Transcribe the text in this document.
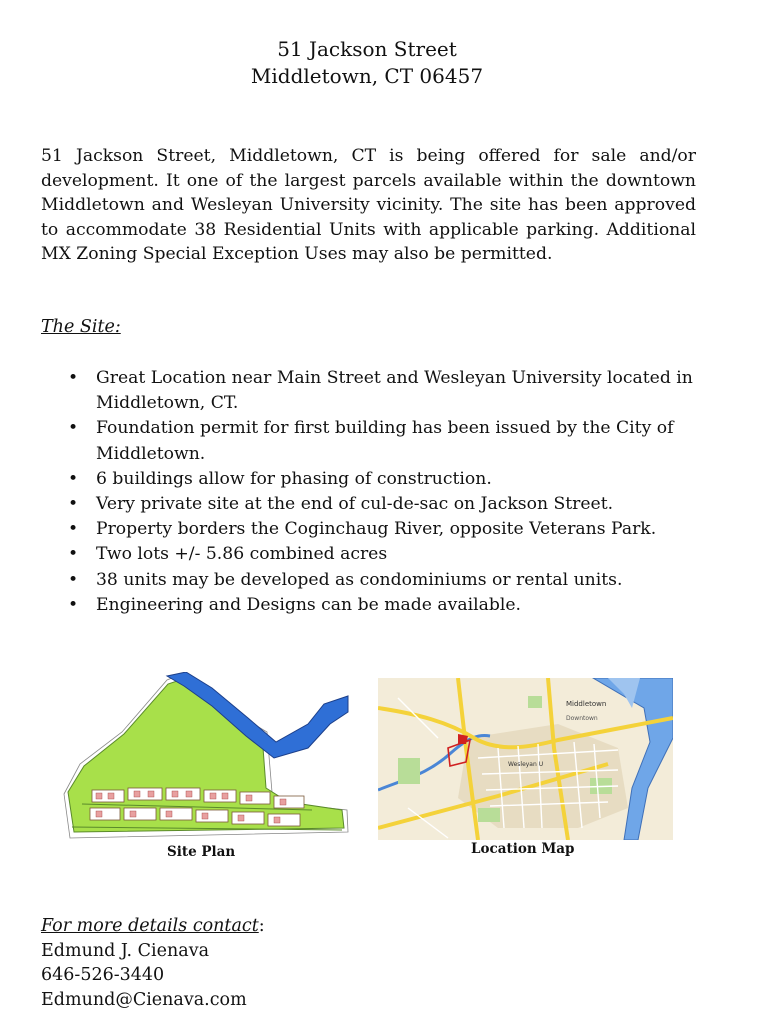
51 Jackson Street
Middletown, CT 06457
51 Jackson Street, Middletown, CT is being offered for sale and/or development. It one of the largest parcels available within the downtown Middletown and Wesleyan University vicinity. The site has been approved to accommodate 38 Residential Units with applicable parking. Additional MX Zoning Special Exception Uses may also be permitted.
The Site:
• Great Location near Main Street and Wesleyan University located in Middletown, CT.
• Foundation permit for first building has been issued by the City of Middletown.
• 6 buildings allow for phasing of construction.
• Very private site at the end of cul-de-sac on Jackson Street.
• Property borders the Coginchaug River, opposite Veterans Park.
• Two lots +/- 5.86 combined acres
• 38 units may be developed as condominiums or rental units.
• Engineering and Designs can be made available.
Site Plan
Middletown
Downtown
Wesleyan U
Location Map
For more details contact:
Edmund J. Cienava
646-526-3440
Edmund@Cienava.com
